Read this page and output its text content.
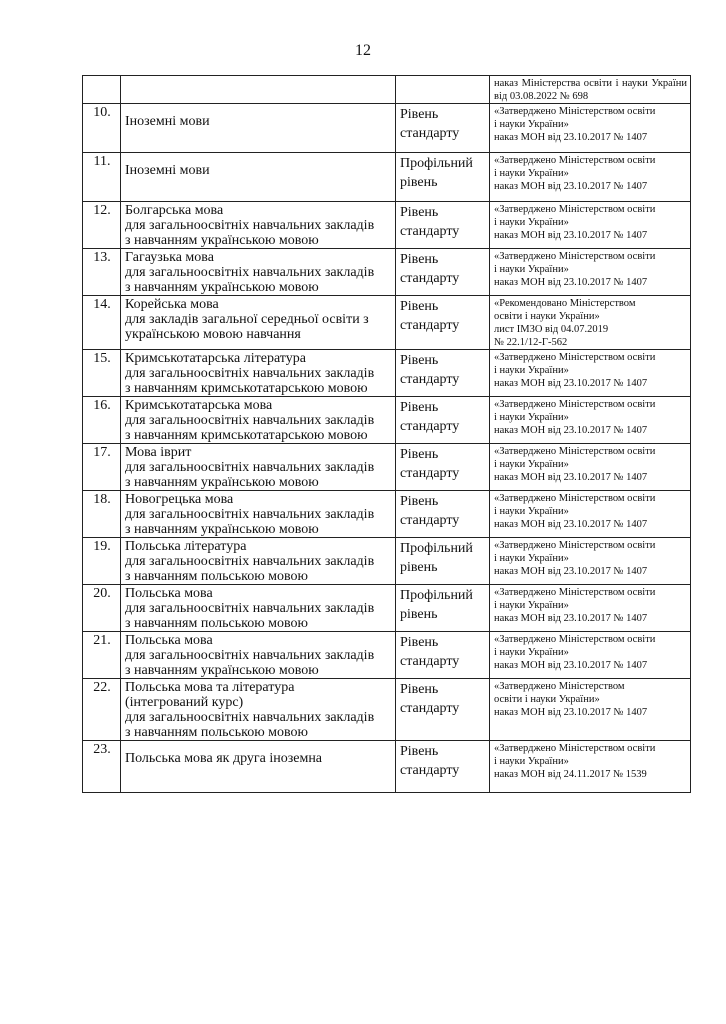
12
			наказ Міністерства освіти і науки України від 03.08.2022 № 698
10.	Іноземні мови	Рівень стандарту	«Затверджено Міністерством освіти
і науки України»
наказ МОН від 23.10.2017 № 1407

11.	Іноземні мови	Профільний рівень	«Затверджено Міністерством освіти
і науки України»
наказ МОН від 23.10.2017 № 1407

12.	Болгарська мова
для загальноосвітніх навчальних закладів
з навчанням українською мовою	Рівень стандарту	«Затверджено Міністерством освіти
і науки України»
наказ МОН від 23.10.2017 № 1407

13.	Гагаузька мова
для загальноосвітніх навчальних закладів
з навчанням українською мовою	Рівень стандарту	«Затверджено Міністерством освіти
і науки України»
наказ МОН від 23.10.2017 № 1407

14.	Корейська мова
для закладів загальної середньої освіти з
українською мовою навчання	Рівень стандарту	«Рекомендовано Міністерством
освіти і науки України»
лист ІМЗО від 04.07.2019
№ 22.1/12-Г-562

15.	Кримськотатарська література
для загальноосвітніх навчальних закладів
з навчанням кримськотатарською мовою	Рівень стандарту	«Затверджено Міністерством освіти
і науки України»
наказ МОН від 23.10.2017 № 1407

16.	Кримськотатарська мова
для загальноосвітніх навчальних закладів
з навчанням кримськотатарською мовою	Рівень стандарту	«Затверджено Міністерством освіти
і науки України»
наказ МОН від 23.10.2017 № 1407

17.	Мова іврит
для загальноосвітніх навчальних закладів
з навчанням українською мовою	Рівень стандарту	«Затверджено Міністерством освіти
і науки України»
наказ МОН від 23.10.2017 № 1407

18.	Новогрецька мова
для загальноосвітніх навчальних закладів
з навчанням українською мовою	Рівень стандарту	«Затверджено Міністерством освіти
і науки України»
наказ МОН від 23.10.2017 № 1407

19.	Польська література
для загальноосвітніх навчальних закладів
з навчанням польською мовою	Профільний рівень	«Затверджено Міністерством освіти
і науки України»
наказ МОН від 23.10.2017 № 1407

20.	Польська мова
для загальноосвітніх навчальних закладів
з навчанням польською мовою	Профільний рівень	«Затверджено Міністерством освіти
і науки України»
наказ МОН від 23.10.2017 № 1407

21.	Польська мова
для загальноосвітніх навчальних закладів
з навчанням українською мовою	Рівень стандарту	«Затверджено Міністерством освіти
і науки України»
наказ МОН від 23.10.2017 № 1407

22.	Польська мова та література
(інтегрований курс)
для загальноосвітніх навчальних закладів
з навчанням польською мовою	Рівень стандарту	«Затверджено Міністерством
освіти і науки України»
наказ МОН від 23.10.2017 № 1407

23.	Польська мова як друга іноземна	Рівень стандарту	«Затверджено Міністерством освіти
і науки України»
наказ МОН від 24.11.2017 № 1539
